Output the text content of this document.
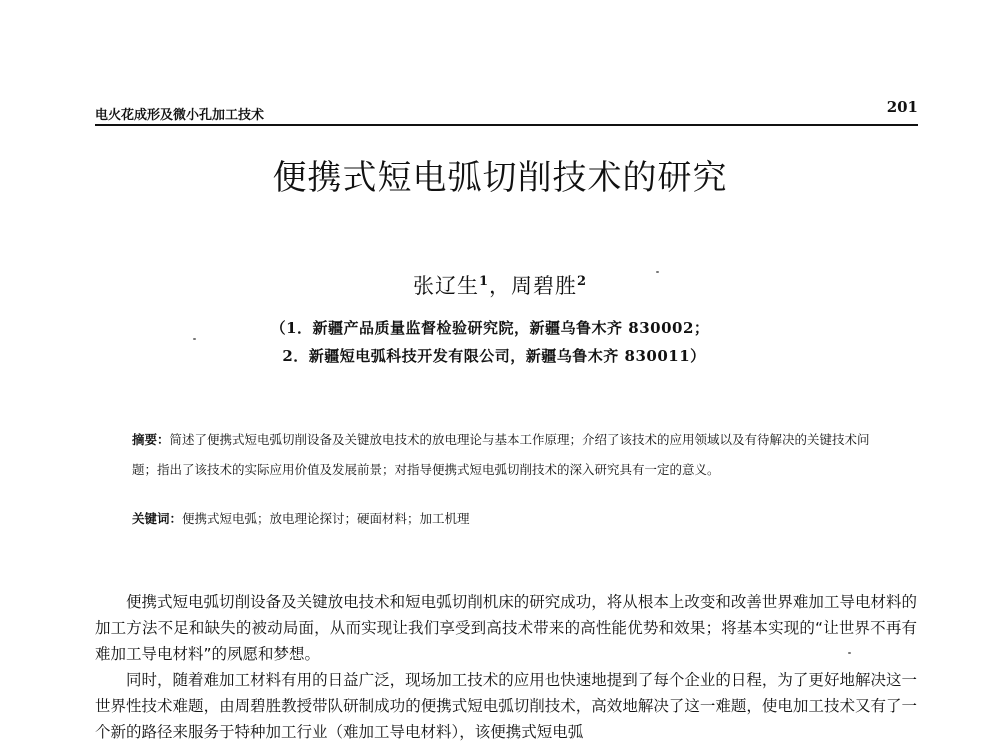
电火花成形及微小孔加工技术	201
便携式短电弧切削技术的研究
张辽生$^1$，周碧胜$^2$
（1．新疆产品质量监督检验研究院，新疆乌鲁木齐 830002；
2．新疆短电弧科技开发有限公司，新疆乌鲁木齐 830011）
摘要：简述了便携式短电弧切削设备及关键放电技术的放电理论与基本工作原理；介绍了该技术的应用领域以及有待解决的关键技术问题；指出了该技术的实际应用价值及发展前景；对指导便携式短电弧切削技术的深入研究具有一定的意义。
关键词：便携式短电弧；放电理论探讨；硬面材料；加工机理

便携式短电弧切削设备及关键放电技术和短电弧切削机床的研究成功，将从根本上改变和改善世界难加工导电材料的加工方法不足和缺失的被动局面，从而实现让我们享受到高技术带来的高性能优势和效果；将基本实现的“让世界不再有难加工导电材料”的夙愿和梦想。

同时，随着难加工材料有用的日益广泛，现场加工技术的应用也快速地提到了每个企业的日程，为了更好地解决这一世界性技术难题，由周碧胜教授带队研制成功的便携式短电弧切削技术，高效地解决了这一难题，使电加工技术又有了一个新的路径来服务于特种加工行业（难加工导电材料），该便携式短电弧
